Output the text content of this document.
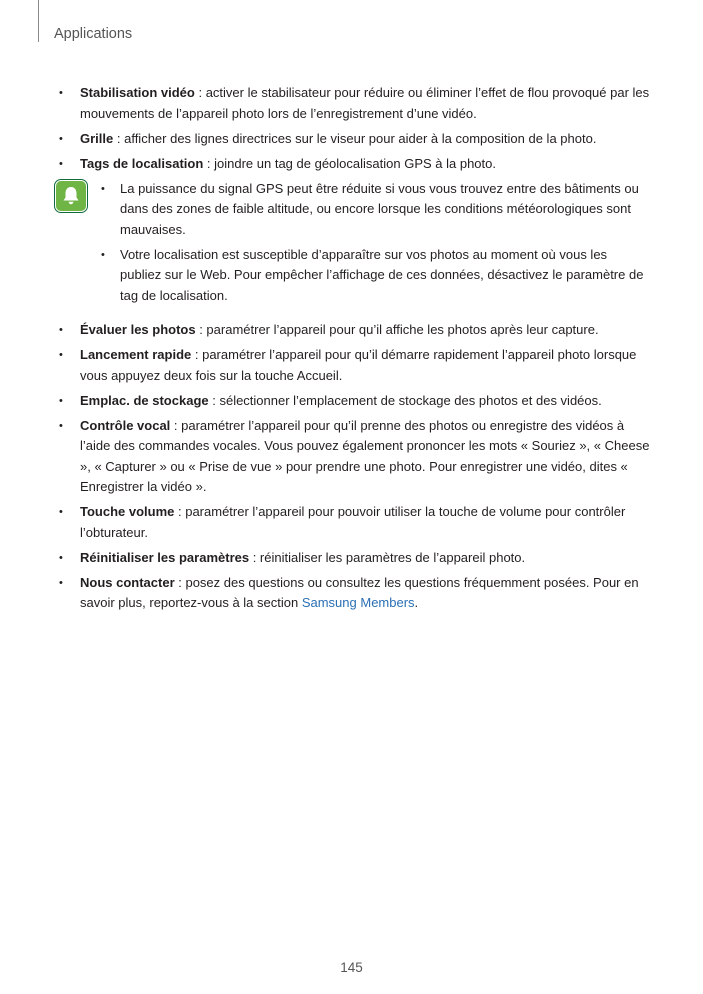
Applications
• Stabilisation vidéo : activer le stabilisateur pour réduire ou éliminer l’effet de flou provoqué par les mouvements de l’appareil photo lors de l’enregistrement d’une vidéo.
• Grille : afficher des lignes directrices sur le viseur pour aider à la composition de la photo.
• Tags de localisation : joindre un tag de géolocalisation GPS à la photo.
• La puissance du signal GPS peut être réduite si vous vous trouvez entre des bâtiments ou dans des zones de faible altitude, ou encore lorsque les conditions météorologiques sont mauvaises.
• Votre localisation est susceptible d’apparaître sur vos photos au moment où vous les publiez sur le Web. Pour empêcher l’affichage de ces données, désactivez le paramètre de tag de localisation.
• Évaluer les photos : paramétrer l’appareil pour qu’il affiche les photos après leur capture.
• Lancement rapide : paramétrer l’appareil pour qu’il démarre rapidement l’appareil photo lorsque vous appuyez deux fois sur la touche Accueil.
• Emplac. de stockage : sélectionner l’emplacement de stockage des photos et des vidéos.
• Contrôle vocal : paramétrer l’appareil pour qu’il prenne des photos ou enregistre des vidéos à l’aide des commandes vocales. Vous pouvez également prononcer les mots « Souriez », « Cheese », « Capturer » ou « Prise de vue » pour prendre une photo. Pour enregistrer une vidéo, dites « Enregistrer la vidéo ».
• Touche volume : paramétrer l’appareil pour pouvoir utiliser la touche de volume pour contrôler l’obturateur.
• Réinitialiser les paramètres : réinitialiser les paramètres de l’appareil photo.
• Nous contacter : posez des questions ou consultez les questions fréquemment posées. Pour en savoir plus, reportez-vous à la section Samsung Members.
145
